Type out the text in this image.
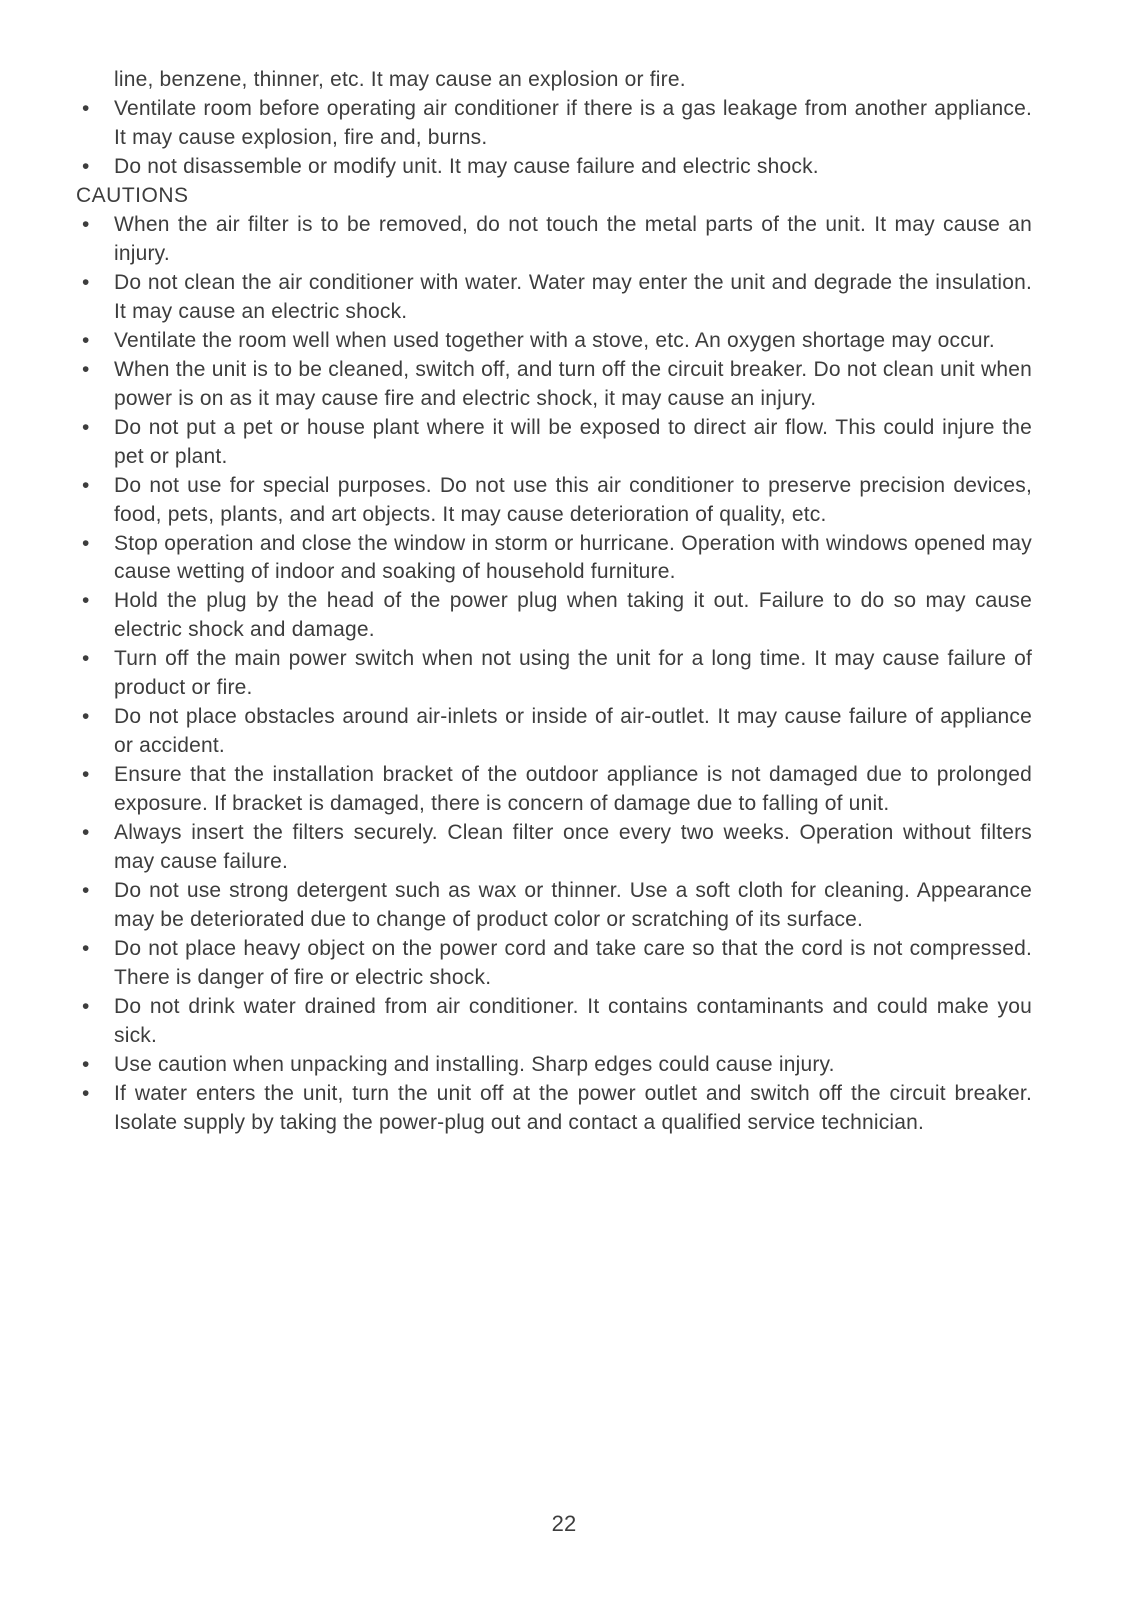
line, benzene, thinner, etc. It may cause an explosion or fire.

• Ventilate room before operating air conditioner if there is a gas leakage from another appliance. It may cause explosion, fire and, burns.
• Do not disassemble or modify unit. It may cause failure and electric shock.
CAUTIONS
• When the air filter is to be removed, do not touch the metal parts of the unit. It may cause an injury.
• Do not clean the air conditioner with water. Water may enter the unit and degrade the insulation. It may cause an electric shock.
• Ventilate the room well when used together with a stove, etc. An oxygen shortage may occur.
• When the unit is to be cleaned, switch off, and turn off the circuit breaker. Do not clean unit when power is on as it may cause fire and electric shock, it may cause an injury.
• Do not put a pet or house plant where it will be exposed to direct air flow. This could injure the pet or plant.
• Do not use for special purposes. Do not use this air conditioner to preserve precision devices, food, pets, plants, and art objects. It may cause deterioration of quality, etc.
• Stop operation and close the window in storm or hurricane. Operation with windows opened may cause wetting of indoor and soaking of household furniture.
• Hold the plug by the head of the power plug when taking it out. Failure to do so may cause electric shock and damage.
• Turn off the main power switch when not using the unit for a long time. It may cause failure of product or fire.
• Do not place obstacles around air-inlets or inside of air-outlet. It may cause failure of appliance or accident.
• Ensure that the installation bracket of the outdoor appliance is not damaged due to prolonged exposure. If bracket is damaged, there is concern of damage due to falling of unit.
• Always insert the filters securely. Clean filter once every two weeks. Operation without filters may cause failure.
• Do not use strong detergent such as wax or thinner. Use a soft cloth for cleaning. Appearance may be deteriorated due to change of product color or scratching of its surface.
• Do not place heavy object on the power cord and take care so that the cord is not compressed. There is danger of fire or electric shock.
• Do not drink water drained from air conditioner. It contains contaminants and could make you sick.
• Use caution when unpacking and installing. Sharp edges could cause injury.
• If water enters the unit, turn the unit off at the power outlet and switch off the circuit breaker. Isolate supply by taking the power-plug out and contact a qualified service technician.
22
